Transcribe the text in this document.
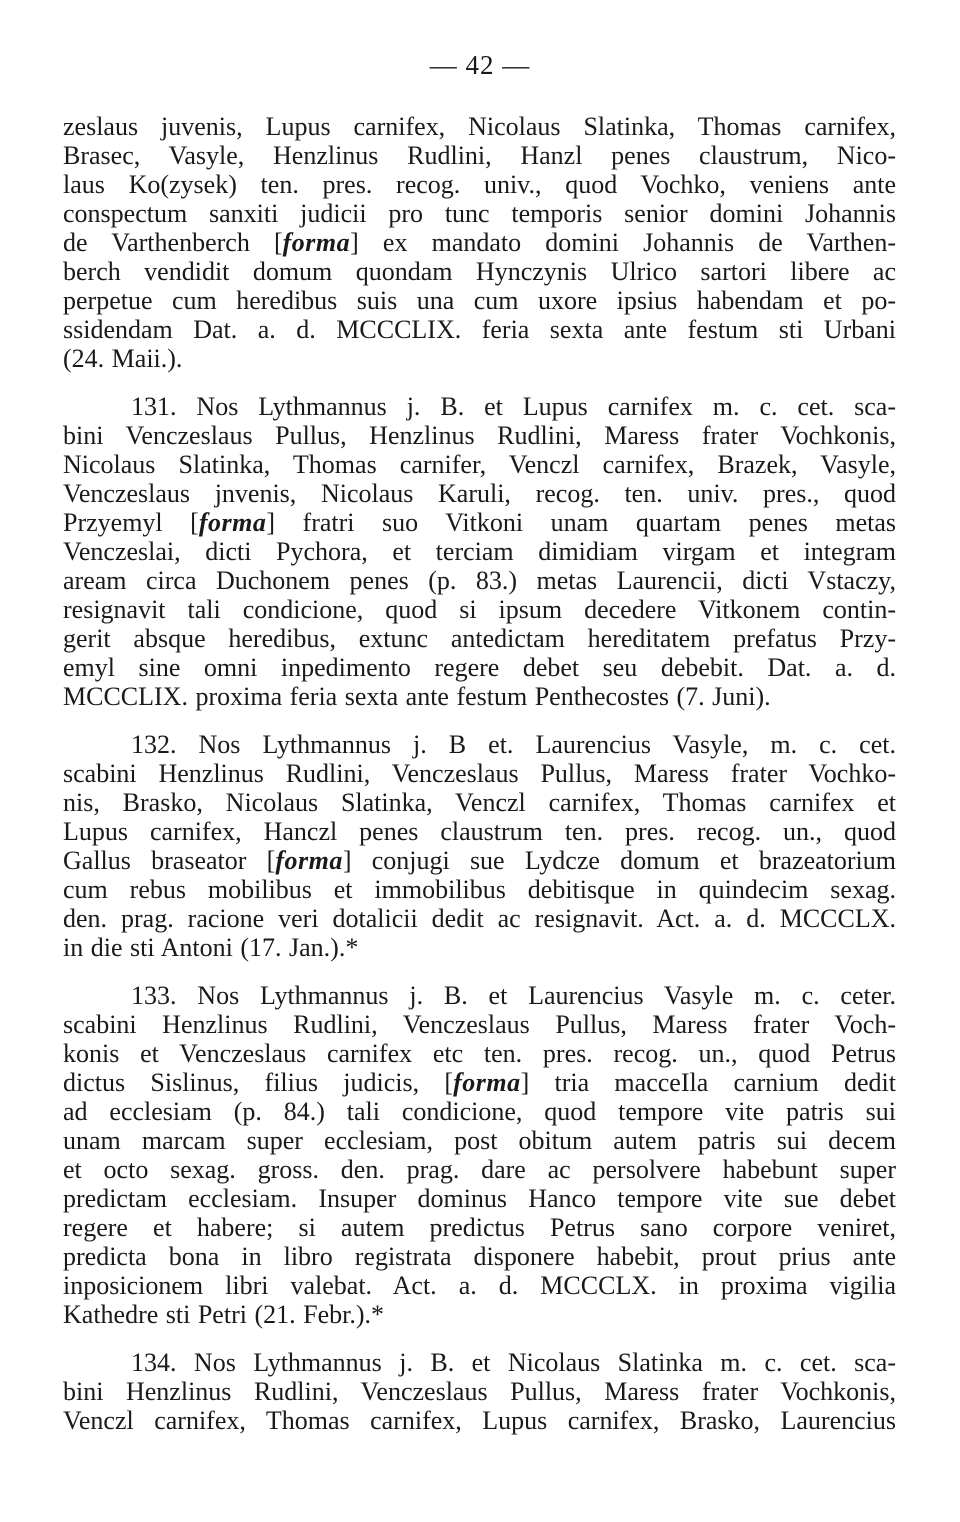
— 42 —
zeslaus juvenis, Lupus carnifex, Nicolaus Slatinka, Thomas carnifex,
Brasec, Vasyle, Henzlinus Rudlini, Hanzl penes claustrum, Nico-
laus Ko(zysek) ten. pres. recog. univ., quod Vochko, veniens ante
conspectum sanxiti judicii pro tunc temporis senior domini Johannis
de Varthenberch [forma] ex mandato domini Johannis de Varthen-
berch vendidit domum quondam Hynczynis Ulrico sartori libere ac
perpetue cum heredibus suis una cum uxore ipsius habendam et po-
ssidendam Dat. a. d. MCCCLIX. feria sexta ante festum sti Urbani
(24. Maii.).
131. Nos Lythmannus j. B. et Lupus carnifex m. c. cet. sca-
bini Venczeslaus Pullus, Henzlinus Rudlini, Maress frater Vochkonis,
Nicolaus Slatinka, Thomas carnifer, Venczl carnifex, Brazek, Vasyle,
Venczeslaus jnvenis, Nicolaus Karuli, recog. ten. univ. pres., quod
Przyemyl [forma] fratri suo Vitkoni unam quartam penes metas
Venczeslai, dicti Pychora, et terciam dimidiam virgam et integram
aream circa Duchonem penes (p. 83.) metas Laurencii, dicti Vstaczy,
resignavit tali condicione, quod si ipsum decedere Vitkonem contin-
gerit absque heredibus, extunc antedictam hereditatem prefatus Przy-
emyl sine omni inpedimento regere debet seu debebit. Dat. a. d.
MCCCLIX. proxima feria sexta ante festum Penthecostes (7. Juni).
132. Nos Lythmannus j. B et. Laurencius Vasyle, m. c. cet.
scabini Henzlinus Rudlini, Venczeslaus Pullus, Maress frater Vochko-
nis, Brasko, Nicolaus Slatinka, Venczl carnifex, Thomas carnifex et
Lupus carnifex, Hanczl penes claustrum ten. pres. recog. un., quod
Gallus braseator [forma] conjugi sue Lydcze domum et brazeatorium
cum rebus mobilibus et immobilibus debitisque in quindecim sexag.
den. prag. racione veri dotalicii dedit ac resignavit. Act. a. d. MCCCLX.
in die sti Antoni (17. Jan.).*
133. Nos Lythmannus j. B. et Laurencius Vasyle m. c. ceter.
scabini Henzlinus Rudlini, Venczeslaus Pullus, Maress frater Voch-
konis et Venczeslaus carnifex etc ten. pres. recog. un., quod Petrus
dictus Sislinus, filius judicis, [forma] tria macceIla carnium dedit
ad ecclesiam (p. 84.) tali condicione, quod tempore vite patris sui
unam marcam super ecclesiam, post obitum autem patris sui decem
et octo sexag. gross. den. prag. dare ac persolvere habebunt super
predictam ecclesiam. Insuper dominus Hanco tempore vite sue debet
regere et habere; si autem predictus Petrus sano corpore veniret,
predicta bona in libro registrata disponere habebit, prout prius ante
inposicionem libri valebat. Act. a. d. MCCCLX. in proxima vigilia
Kathedre sti Petri (21. Febr.).*
134. Nos Lythmannus j. B. et Nicolaus Slatinka m. c. cet. sca-
bini Henzlinus Rudlini, Venczeslaus Pullus, Maress frater Vochkonis,
Venczl carnifex, Thomas carnifex, Lupus carnifex, Brasko, Laurencius
